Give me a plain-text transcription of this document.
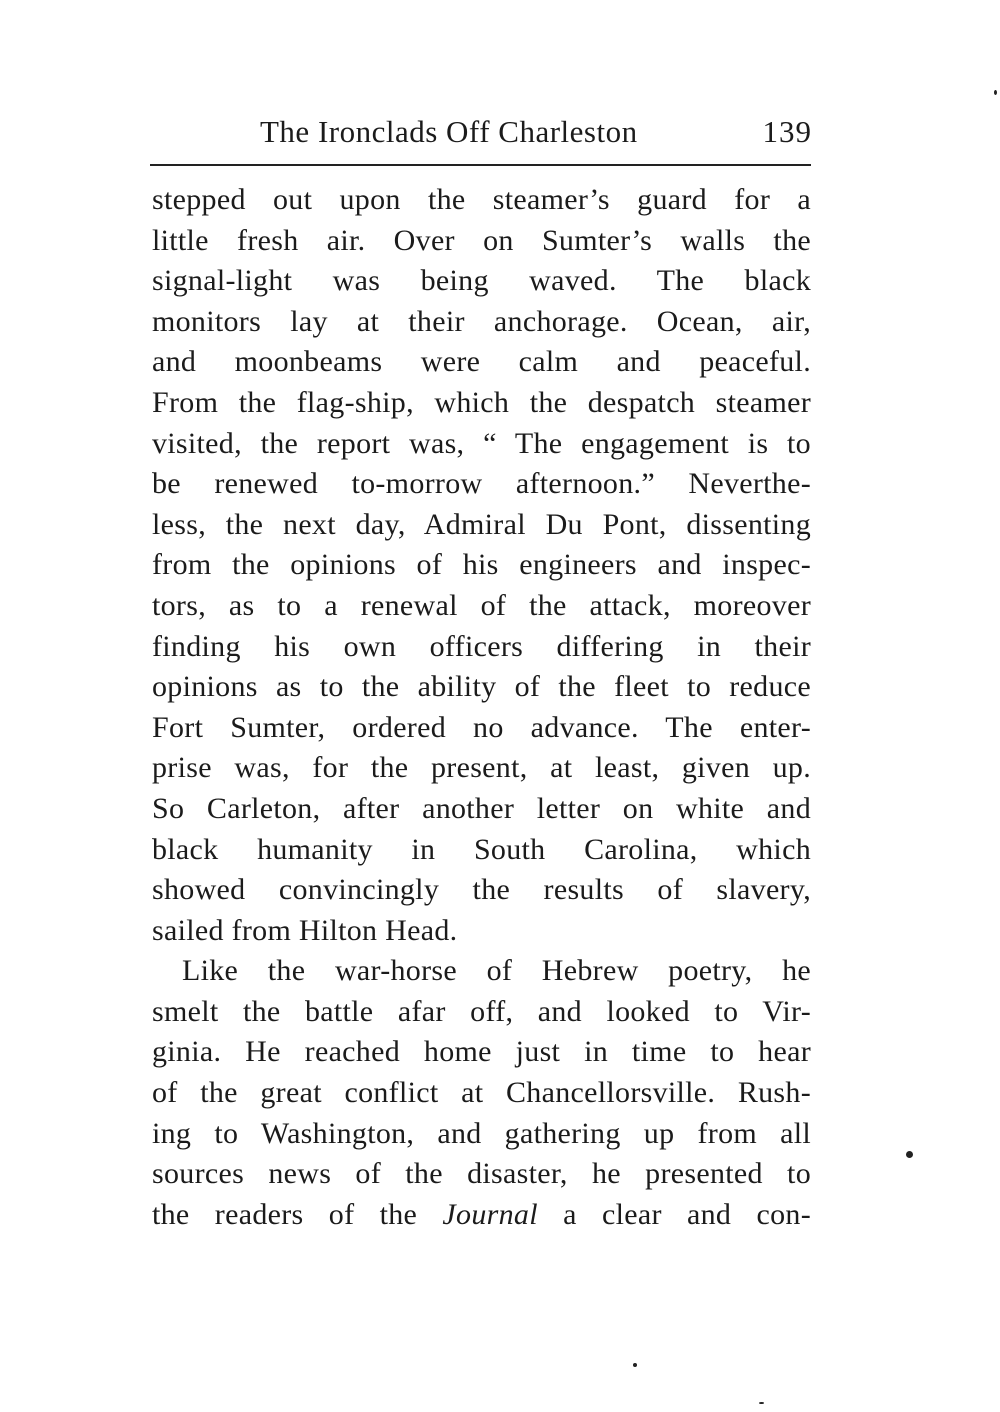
The Ironclads Off Charleston	139
stepped out upon the steamer’s guard for a
little fresh air. Over on Sumter’s walls the
signal-light was being waved. The black
monitors lay at their anchorage. Ocean, air,
and moonbeams were calm and peaceful.
From the flag-ship, which the despatch steamer
visited, the report was, “ The engagement is to
be renewed to-morrow afternoon.” Neverthe-
less, the next day, Admiral Du Pont, dissenting
from the opinions of his engineers and inspec-
tors, as to a renewal of the attack, moreover
finding his own officers differing in their
opinions as to the ability of the fleet to reduce
Fort Sumter, ordered no advance. The enter-
prise was, for the present, at least, given up.
So Carleton, after another letter on white and
black humanity in South Carolina, which
showed convincingly the results of slavery,
sailed from Hilton Head.
Like the war-horse of Hebrew poetry, he
smelt the battle afar off, and looked to Vir-
ginia. He reached home just in time to hear
of the great conflict at Chancellorsville. Rush-
ing to Washington, and gathering up from all
sources news of the disaster, he presented to
the readers of the Journal a clear and con-
